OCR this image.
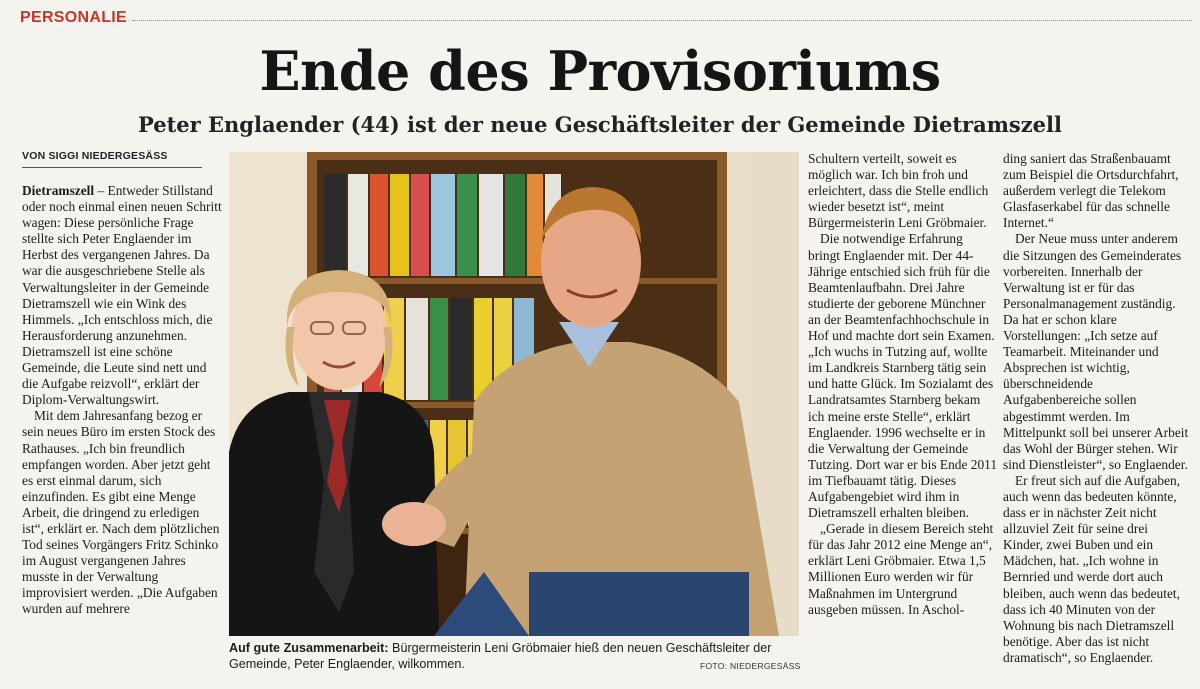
PERSONALIE
Ende des Provisoriums
Peter Englaender (44) ist der neue Geschäftsleiter der Gemeinde Dietramszell
VON SIGGI NIEDERGESÄSS

Dietramszell – Entweder Stillstand oder noch einmal einen neuen Schritt wagen: Diese persönliche Frage stellte sich Peter Englaender im Herbst des vergangenen Jahres. Da war die ausgeschriebene Stelle als Verwaltungsleiter in der Gemeinde Dietramszell wie ein Wink des Himmels. „Ich entschloss mich, die Herausforderung anzunehmen. Dietramszell ist eine schöne Gemeinde, die Leute sind nett und die Aufgabe reizvoll“, erklärt der Diplom-Verwaltungswirt.

Mit dem Jahresanfang bezog er sein neues Büro im ersten Stock des Rathauses. „Ich bin freundlich empfangen worden. Aber jetzt geht es erst einmal darum, sich einzufinden. Es gibt eine Menge Arbeit, die dringend zu erledigen ist“, erklärt er. Nach dem plötzlichen Tod seines Vorgängers Fritz Schinko im August vergangenen Jahres musste in der Verwaltung improvisiert werden. „Die Aufgaben wurden auf mehrere

Auf gute Zusammenarbeit: Bürgermeisterin Leni Gröbmaier hieß den neuen Geschäftsleiter der Gemeinde, Peter Englaender, wilkommen.	FOTO: NIEDERGESÄSS

Schultern verteilt, soweit es möglich war. Ich bin froh und erleichtert, dass die Stelle endlich wieder besetzt ist“, meint Bürgermeisterin Leni Gröbmaier.

Die notwendige Erfahrung bringt Englaender mit. Der 44-Jährige entschied sich früh für die Beamtenlaufbahn. Drei Jahre studierte der geborene Münchner an der Beamtenfachhochschule in Hof und machte dort sein Examen. „Ich wuchs in Tutzing auf, wollte im Landkreis Starnberg tätig sein und hatte Glück. Im Sozialamt des Landratsamtes Starnberg bekam ich meine erste Stelle“, erklärt Englaender. 1996 wechselte er in die Verwaltung der Gemeinde Tutzing. Dort war er bis Ende 2011 im Tiefbauamt tätig. Dieses Aufgabengebiet wird ihm in Dietramszell erhalten bleiben.

„Gerade in diesem Bereich steht für das Jahr 2012 eine Menge an“, erklärt Leni Gröbmaier. Etwa 1,5 Millionen Euro werden wir für Maßnahmen im Untergrund ausgeben müssen. In Aschol-

ding saniert das Straßenbauamt zum Beispiel die Ortsdurchfahrt, außerdem verlegt die Telekom Glasfaserkabel für das schnelle Internet.“

Der Neue muss unter anderem die Sitzungen des Gemeinderates vorbereiten. Innerhalb der Verwaltung ist er für das Personalmanagement zuständig. Da hat er schon klare Vorstellungen: „Ich setze auf Teamarbeit. Miteinander und Absprechen ist wichtig, überschneidende Aufgabenbereiche sollen abgestimmt werden. Im Mittelpunkt soll bei unserer Arbeit das Wohl der Bürger stehen. Wir sind Dienstleister“, so Englaender.

Er freut sich auf die Aufgaben, auch wenn das bedeuten könnte, dass er in nächster Zeit nicht allzuviel Zeit für seine drei Kinder, zwei Buben und ein Mädchen, hat. „Ich wohne in Bernried und werde dort auch bleiben, auch wenn das bedeutet, dass ich 40 Minuten von der Wohnung bis nach Dietramszell benötige. Aber das ist nicht dramatisch“, so Englaender.
